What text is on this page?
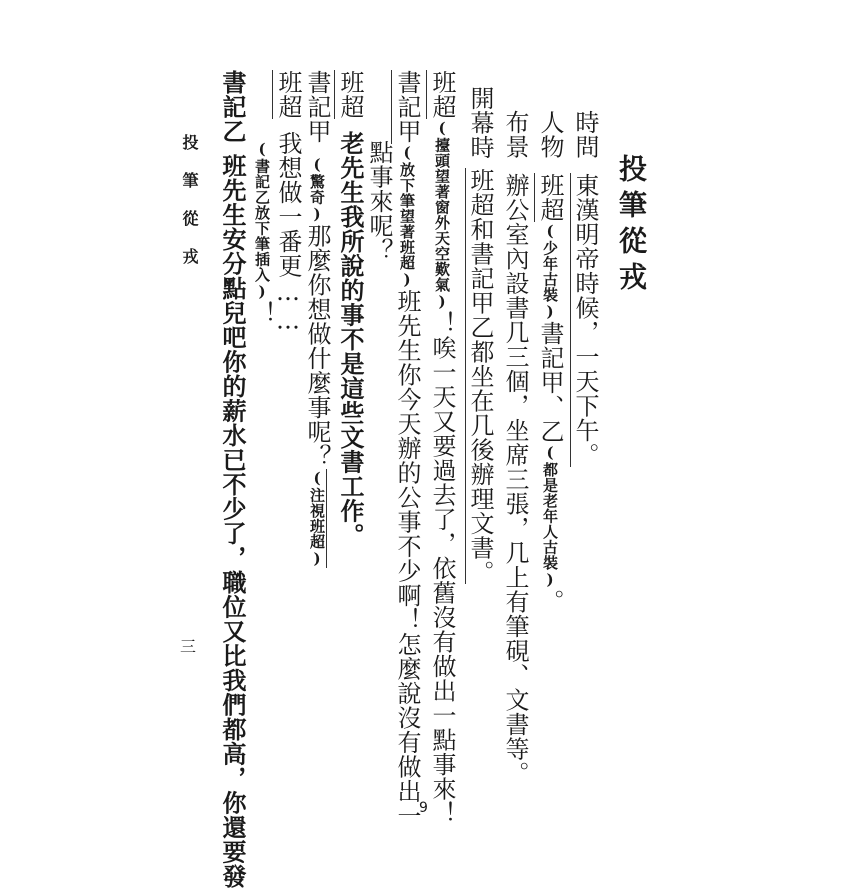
投筆從戎
時問東漢明帝時候，一天下午。
人物班超(少年古裝)書記甲、乙(都是老年人古裝)。
布景辦公室內設書几三個，坐席三張，几上有筆硯、文書等。
開幕時班超和書記甲乙都坐在几後辦理文書。
班超(擡頭望著窗外天空歎氣)！唉一天又要過去了，依舊沒有做出一點事來！
書記甲(放下筆望著班超)班先生你今天辦的公事不少啊！怎麼說沒有做出一
點事來呢？
班超老先生我所說的事不是這些文書工作。
書記甲(驚奇)那麼你想做什麼事呢？(注視班超)
班超我想做一番更……
(書記乙放下筆插入)！
書記乙班先生安分點兒吧你的薪水已不少了，職位又比我們都高，你還要發
投筆從戎
三
9
